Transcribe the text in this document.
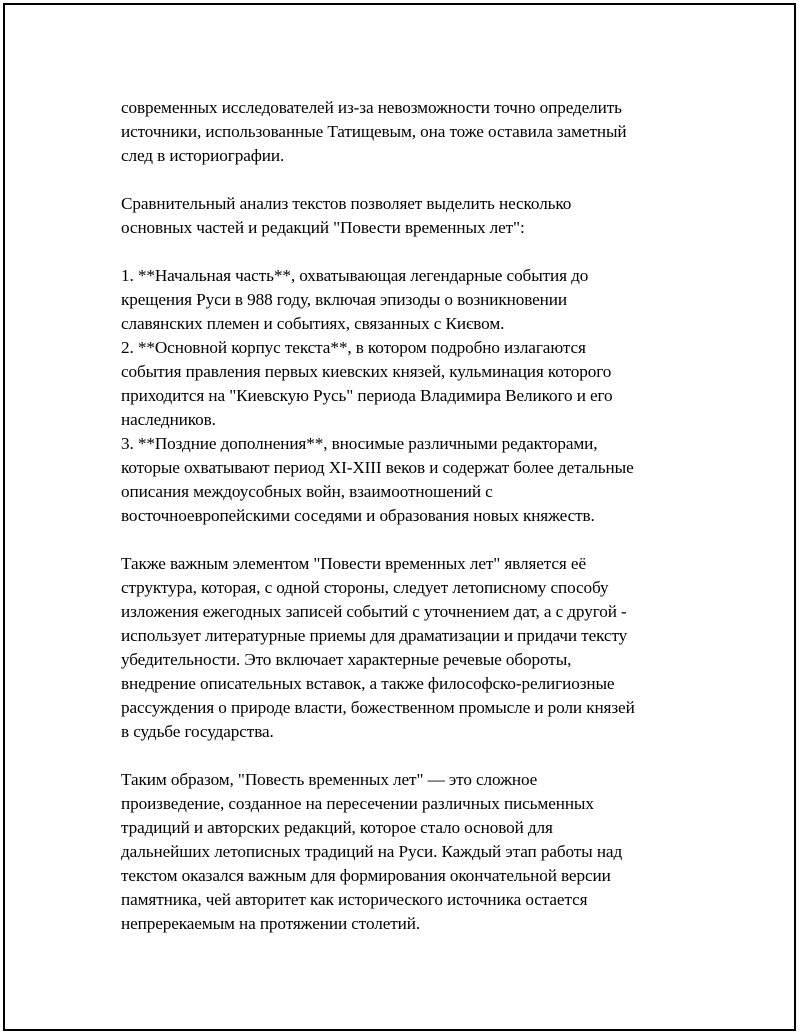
современных исследователей из-за невозможности точно определить
источники, использованные Татищевым, она тоже оставила заметный
след в историографии.
Сравнительный анализ текстов позволяет выделить несколько
основных частей и редакций "Повести временных лет":
1. **Начальная часть**, охватывающая легендарные события до
крещения Руси в 988 году, включая эпизоды о возникновении
славянских племен и событиях, связанных с Києвом.
2. **Основной корпус текста**, в котором подробно излагаются
события правления первых киевских князей, кульминация которого
приходится на "Киевскую Русь" периода Владимира Великого и его
наследников.
3. **Поздние дополнения**, вносимые различными редакторами,
которые охватывают период XI-XIII веков и содержат более детальные
описания междоусобных войн, взаимоотношений с
восточноевропейскими соседями и образования новых княжеств.
Также важным элементом "Повести временных лет" является её
структура, которая, с одной стороны, следует летописному способу
изложения ежегодных записей событий с уточнением дат, а с другой -
использует литературные приемы для драматизации и придачи тексту
убедительности. Это включает характерные речевые обороты,
внедрение описательных вставок, а также философско-религиозные
рассуждения о природе власти, божественном промысле и роли князей
в судьбе государства.
Таким образом, "Повесть временных лет" — это сложное
произведение, созданное на пересечении различных письменных
традиций и авторских редакций, которое стало основой для
дальнейших летописных традиций на Руси. Каждый этап работы над
текстом оказался важным для формирования окончательной версии
памятника, чей авторитет как исторического источника остается
непререкаемым на протяжении столетий.
